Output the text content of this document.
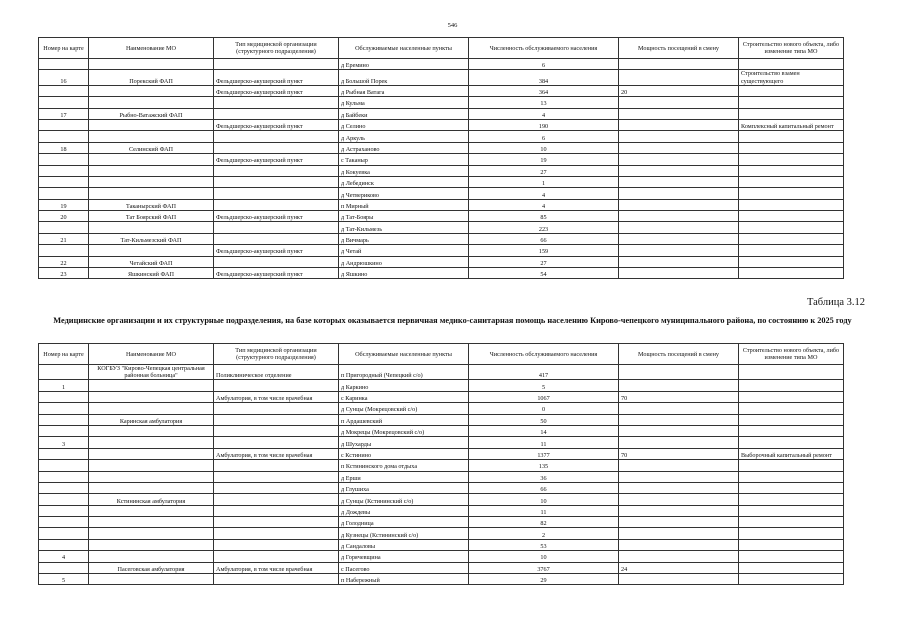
546
Номер на карте	Наименование МО	Тип медицинской организации (структурного подразделения)	Обслуживаемые населенные пункты	Численность обслуживаемого населения	Мощность посещений в смену	Строительство нового объекта, либо изменение типа МО
			д Еремино	6		
16	Порекский ФАП	Фельдшерско-акушерский пункт	д Большой Порек	384		Строительство взамен существующего
		Фельдшерско-акушерский пункт	д Рыбная Ватага	364	20	
			д Кульма	13		
17	Рыбно-Ватажский ФАП		д Байбеки	4		
		Фельдшерско-акушерский пункт	д Селино	190		Комплексный капитальный ремонт
			д Аркуль	6		
18	Селинский ФАП		д Астраханово	10		
		Фельдшерско-акушерский пункт	с Таканыр	19		
			д Кокуевка	27		
			д Лебединск	1		
			д Четвериково	4		
19	Таканырский ФАП		п Мирный	4		
20	Тат Боярский ФАП	Фельдшерско-акушерский пункт	д Тат-Бояры	85		
			д Тат-Кильмезь	223		
21	Тат-Кильмезский ФАП		д Вичмарь	66		
		Фельдшерско-акушерский пункт	д Четай	159		
22	Четайский ФАП		д Андрюшкино	27		
23	Яшкинский ФАП	Фельдшерско-акушерский пункт	д Яшкино	54		
Таблица 3.12
Медицинские организации и их структурные подразделения, на базе которых оказывается первичная медико-санитарная помощь населению Кирово-чепецкого муниципального района, по состоянию к 2025 году
Номер на карте	Наименование МО	Тип медицинской организации (структурного подразделения)	Обслуживаемые населенные пункты	Численность обслуживаемого населения	Мощность посещений в смену	Строительство нового объекта, либо изменение типа МО
	КОГБУЗ "Кирово-Чепецкая центральная районная больница"	Поликлиническое отделение	п Пригородный (Чепецкий с/о)	417		
1			д Каркино	5		
		Амбулатория, в том числе врачебная	с Каринка	1067	70	
			д Сунцы (Мокрецовский с/о)	0		
	Каринская амбулатория		п Ардашевский	50		
			д Мокрецы (Мокрецовский с/о)	14		
3			д Шухарды	11		
		Амбулатория, в том числе врачебная	с Кстинино	1377	70	Выборочный капитальный ремонт
			п Кстининского дома отдыха	135		
			д Ерши	36		
			д Глушиха	66		
	Кстининская амбулатория		д Сунцы (Кстининский с/о)	10		
			д Дождевы	11		
			д Голодница	82		
			д Кузнецы (Кстининский с/о)	2		
			д Сандаловы	53		
4			д Горячевщина	10		
	Пасеговская амбулатория	Амбулатория, в том числе врачебная	с Пасегово	3767	24	
5			п Набережный	29		
